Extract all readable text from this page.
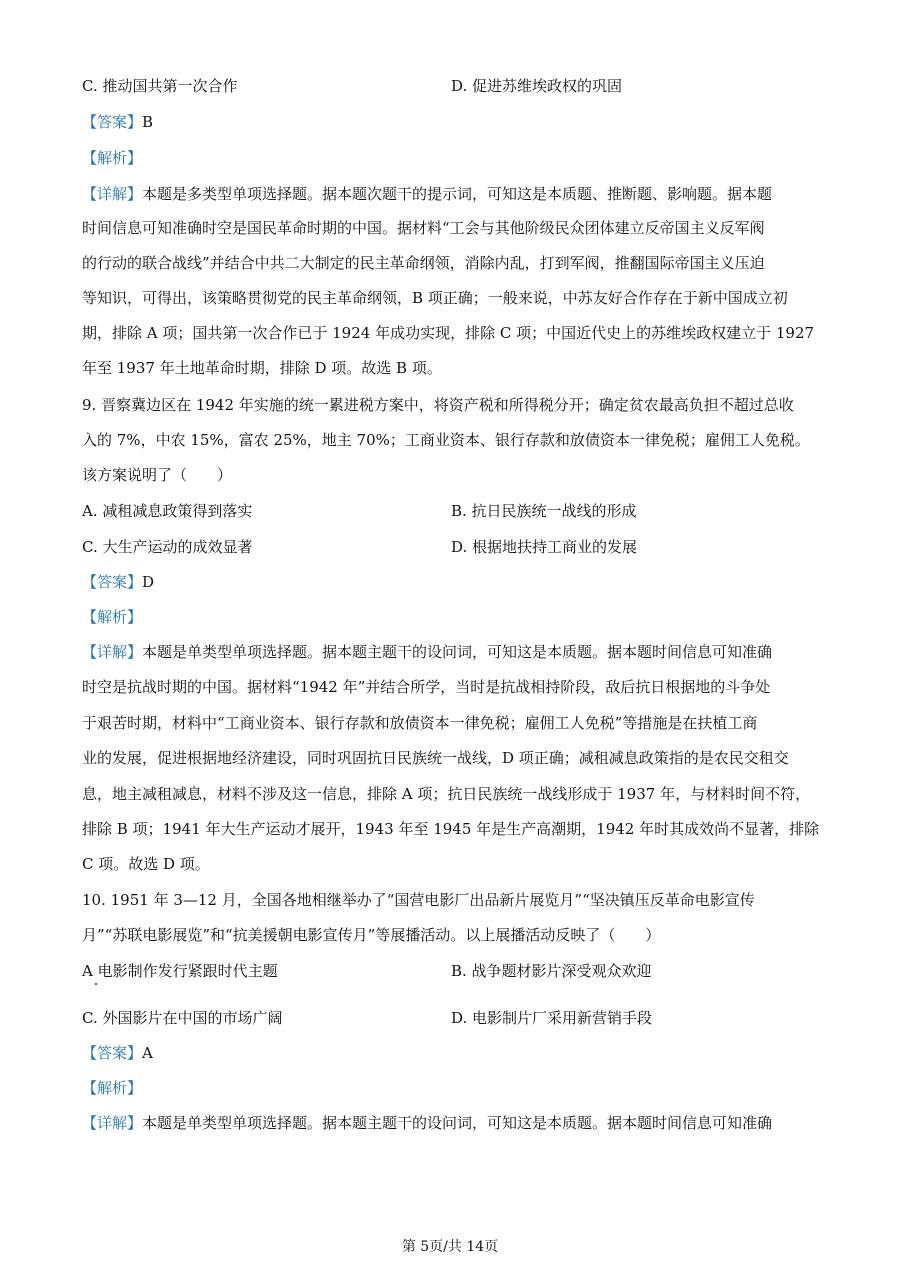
C. 推动国共第一次合作	D. 促进苏维埃政权的巩固
【答案】B
【解析】
【详解】本题是多类型单项选择题。据本题次题干的提示词，可知这是本质题、推断题、影响题。据本题
时间信息可知准确时空是国民革命时期的中国。据材料“工会与其他阶级民众团体建立反帝国主义反军阀
的行动的联合战线”并结合中共二大制定的民主革命纲领，消除内乱，打到军阀，推翻国际帝国主义压迫
等知识，可得出，该策略贯彻党的民主革命纲领，B 项正确；一般来说，中苏友好合作存在于新中国成立初
期，排除 A 项；国共第一次合作已于 1924 年成功实现，排除 C 项；中国近代史上的苏维埃政权建立于 1927
年至 1937 年土地革命时期，排除 D 项。故选 B 项。
9. 晋察冀边区在 1942 年实施的统一累进税方案中，将资产税和所得税分开；确定贫农最高负担不超过总收
入的 7%，中农 15%，富农 25%，地主 70%；工商业资本、银行存款和放债资本一律免税；雇佣工人免税。
该方案说明了（　　）
A. 减租减息政策得到落实	B. 抗日民族统一战线的形成
C. 大生产运动的成效显著	D. 根据地扶持工商业的发展
【答案】D
【解析】
【详解】本题是单类型单项选择题。据本题主题干的设问词，可知这是本质题。据本题时间信息可知准确
时空是抗战时期的中国。据材料“1942 年”并结合所学，当时是抗战相持阶段，敌后抗日根据地的斗争处
于艰苦时期，材料中“工商业资本、银行存款和放债资本一律免税；雇佣工人免税”等措施是在扶植工商
业的发展，促进根据地经济建设，同时巩固抗日民族统一战线，D 项正确；减租减息政策指的是农民交租交
息，地主减租减息，材料不涉及这一信息，排除 A 项；抗日民族统一战线形成于 1937 年，与材料时间不符，
排除 B 项；1941 年大生产运动才展开，1943 年至 1945 年是生产高潮期，1942 年时其成效尚不显著，排除
C 项。故选 D 项。
10. 1951 年 3—12 月，全国各地相继举办了“国营电影厂出品新片展览月”“坚决镇压反革命电影宣传
月”“苏联电影展览”和“抗美援朝电影宣传月”等展播活动。以上展播活动反映了（　　）
A 电影制作发行紧跟时代主题	B. 战争题材影片深受观众欢迎
C. 外国影片在中国的市场广阔	D. 电影制片厂采用新营销手段
【答案】A
【解析】
【详解】本题是单类型单项选择题。据本题主题干的设问词，可知这是本质题。据本题时间信息可知准确
第 5页/共 14页
